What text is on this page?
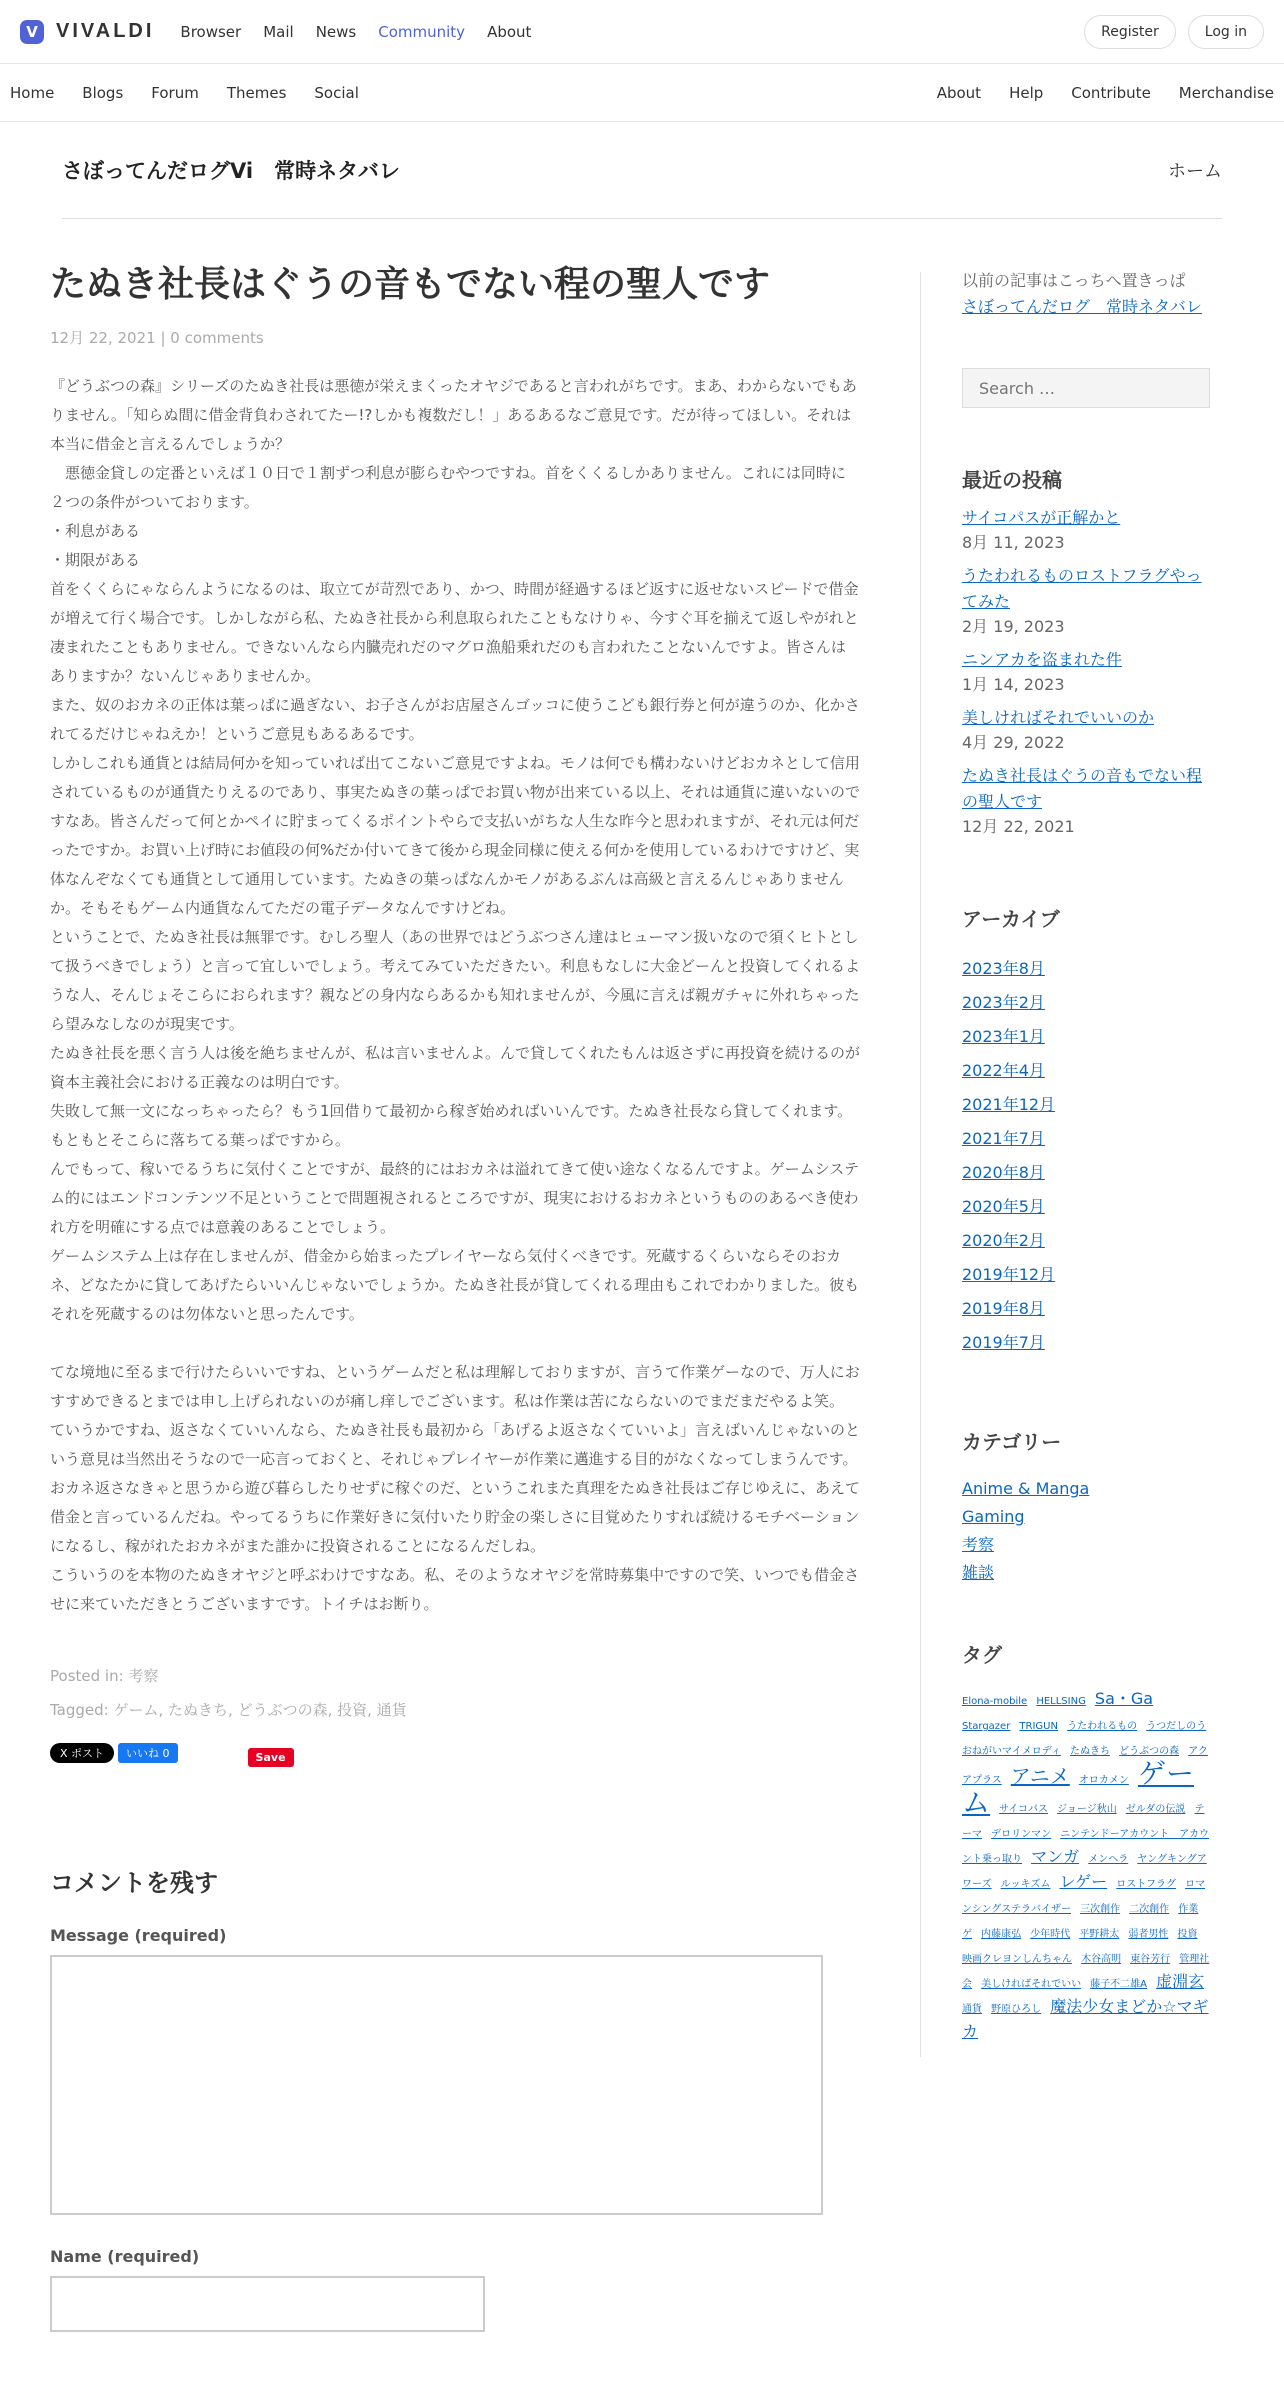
V VIVALDI Browser Mail News Community About	Register	Log in
Home Blogs Forum Themes Social	About Help Contribute Merchandise
さぼってんだログVi　常時ネタバレ	ホーム
たぬき社長はぐうの音もでない程の聖人です
12月 22, 2021 | 0 comments

『どうぶつの森』シリーズのたぬき社長は悪徳が栄えまくったオヤジであると言われがちです。まあ、わからないでもありません。「知らぬ間に借金背負わされてたー!?しかも複数だし！」あるあるなご意見です。だが待ってほしい。それは本当に借金と言えるんでしょうか？

　悪徳金貸しの定番といえば１０日で１割ずつ利息が膨らむやつですね。首をくくるしかありません。これには同時に２つの条件がついております。

・利息がある

・期限がある

首をくくらにゃならんようになるのは、取立てが苛烈であり、かつ、時間が経過するほど返すに返せないスピードで借金が増えて行く場合です。しかしながら私、たぬき社長から利息取られたこともなけりゃ、今すぐ耳を揃えて返しやがれと凄まれたこともありません。できないんなら内臓売れだのマグロ漁船乗れだのも言われたことないんですよ。皆さんはありますか？ないんじゃありませんか。

また、奴のおカネの正体は葉っぱに過ぎない、お子さんがお店屋さんゴッコに使うこども銀行券と何が違うのか、化かされてるだけじゃねえか！というご意見もあるあるです。

しかしこれも通貨とは結局何かを知っていれば出てこないご意見ですよね。モノは何でも構わないけどおカネとして信用されているものが通貨たりえるのであり、事実たぬきの葉っぱでお買い物が出来ている以上、それは通貨に違いないのですなあ。皆さんだって何とかペイに貯まってくるポイントやらで支払いがちな人生な昨今と思われますが、それ元は何だったですか。お買い上げ時にお値段の何%だか付いてきて後から現金同様に使える何かを使用しているわけですけど、実体なんぞなくても通貨として通用しています。たぬきの葉っぱなんかモノがあるぶんは高級と言えるんじゃありませんか。そもそもゲーム内通貨なんてただの電子データなんですけどね。

ということで、たぬき社長は無罪です。むしろ聖人（あの世界ではどうぶつさん達はヒューマン扱いなので須くヒトとして扱うべきでしょう）と言って宜しいでしょう。考えてみていただきたい。利息もなしに大金どーんと投資してくれるような人、そんじょそこらにおられます？親などの身内ならあるかも知れませんが、今風に言えば親ガチャに外れちゃったら望みなしなのが現実です。

たぬき社長を悪く言う人は後を絶ちませんが、私は言いませんよ。んで貸してくれたもんは返さずに再投資を続けるのが資本主義社会における正義なのは明白です。

失敗して無一文になっちゃったら？もう1回借りて最初から稼ぎ始めればいいんです。たぬき社長なら貸してくれます。もともとそこらに落ちてる葉っぱですから。

んでもって、稼いでるうちに気付くことですが、最終的にはおカネは溢れてきて使い途なくなるんですよ。ゲームシステム的にはエンドコンテンツ不足ということで問題視されるところですが、現実におけるおカネというもののあるべき使われ方を明確にする点では意義のあることでしょう。

ゲームシステム上は存在しませんが、借金から始まったプレイヤーなら気付くべきです。死蔵するくらいならそのおカネ、どなたかに貸してあげたらいいんじゃないでしょうか。たぬき社長が貸してくれる理由もこれでわかりました。彼もそれを死蔵するのは勿体ないと思ったんです。

てな境地に至るまで行けたらいいですね、というゲームだと私は理解しておりますが、言うて作業ゲーなので、万人におすすめできるとまでは申し上げられないのが痛し痒しでございます。私は作業は苦にならないのでまだまだやるよ笑。

ていうかですね、返さなくていいんなら、たぬき社長も最初から「あげるよ返さなくていいよ」言えばいんじゃないのという意見は当然出そうなので一応言っておくと、それじゃプレイヤーが作業に邁進する目的がなくなってしまうんです。おカネ返さなきゃと思うから遊び暮らしたりせずに稼ぐのだ、というこれまた真理をたぬき社長はご存じゆえに、あえて借金と言っているんだね。やってるうちに作業好きに気付いたり貯金の楽しさに目覚めたりすれば続けるモチベーションになるし、稼がれたおカネがまた誰かに投資されることになるんだしね。

こういうのを本物のたぬきオヤジと呼ぶわけですなあ。私、そのようなオヤジを常時募集中ですので笑、いつでも借金させに来ていただきとうございますです。トイチはお断り。

Posted in: 考察
Tagged: ゲーム, たぬきち, どうぶつの森, 投資, 通貨
X ポスト	いいね 0	Save
コメントを残す
Message (required)
Name (required)
以前の記事はこっちへ置きっぱ
さぼってんだログ　常時ネタバレ
Search …
最近の投稿
サイコパスが正解かと
8月 11, 2023
うたわれるものロストフラグやってみた
2月 19, 2023
ニンアカを盗まれた件
1月 14, 2023
美しければそれでいいのか
4月 29, 2022
たぬき社長はぐうの音もでない程の聖人です
12月 22, 2021
アーカイブ
2023年8月
2023年2月
2023年1月
2022年4月
2021年12月
2021年7月
2020年8月
2020年5月
2020年2月
2019年12月
2019年8月
2019年7月
カテゴリー
Anime & Manga
Gaming
考察
雑談
タグ
Elona-mobile HELLSING Sa・Ga Stargazer TRIGUN うたわれるもの うつだしのう おねがいマイメロディ たぬきち どうぶつの森 アクアプラス アニメ オロカメン ゲーム サイコパス ジョージ秋山 ゼルダの伝説 テーマ デロリンマン ニンテンドーアカウント　アカウント乗っ取り マンガ メンヘラ ヤングキングアワーズ ルッキズム レゲー ロストフラグ ロマンシングステラバイザー 三次創作 二次創作 作業ゲ 内藤康弘 少年時代 平野耕太 弱者男性 投資 映画クレヨンしんちゃん 木谷高明 東谷芳行 管理社会 美しければそれでいい 藤子不二雄A 虚淵玄 通貨 野原ひろし 魔法少女まどか☆マギカ
